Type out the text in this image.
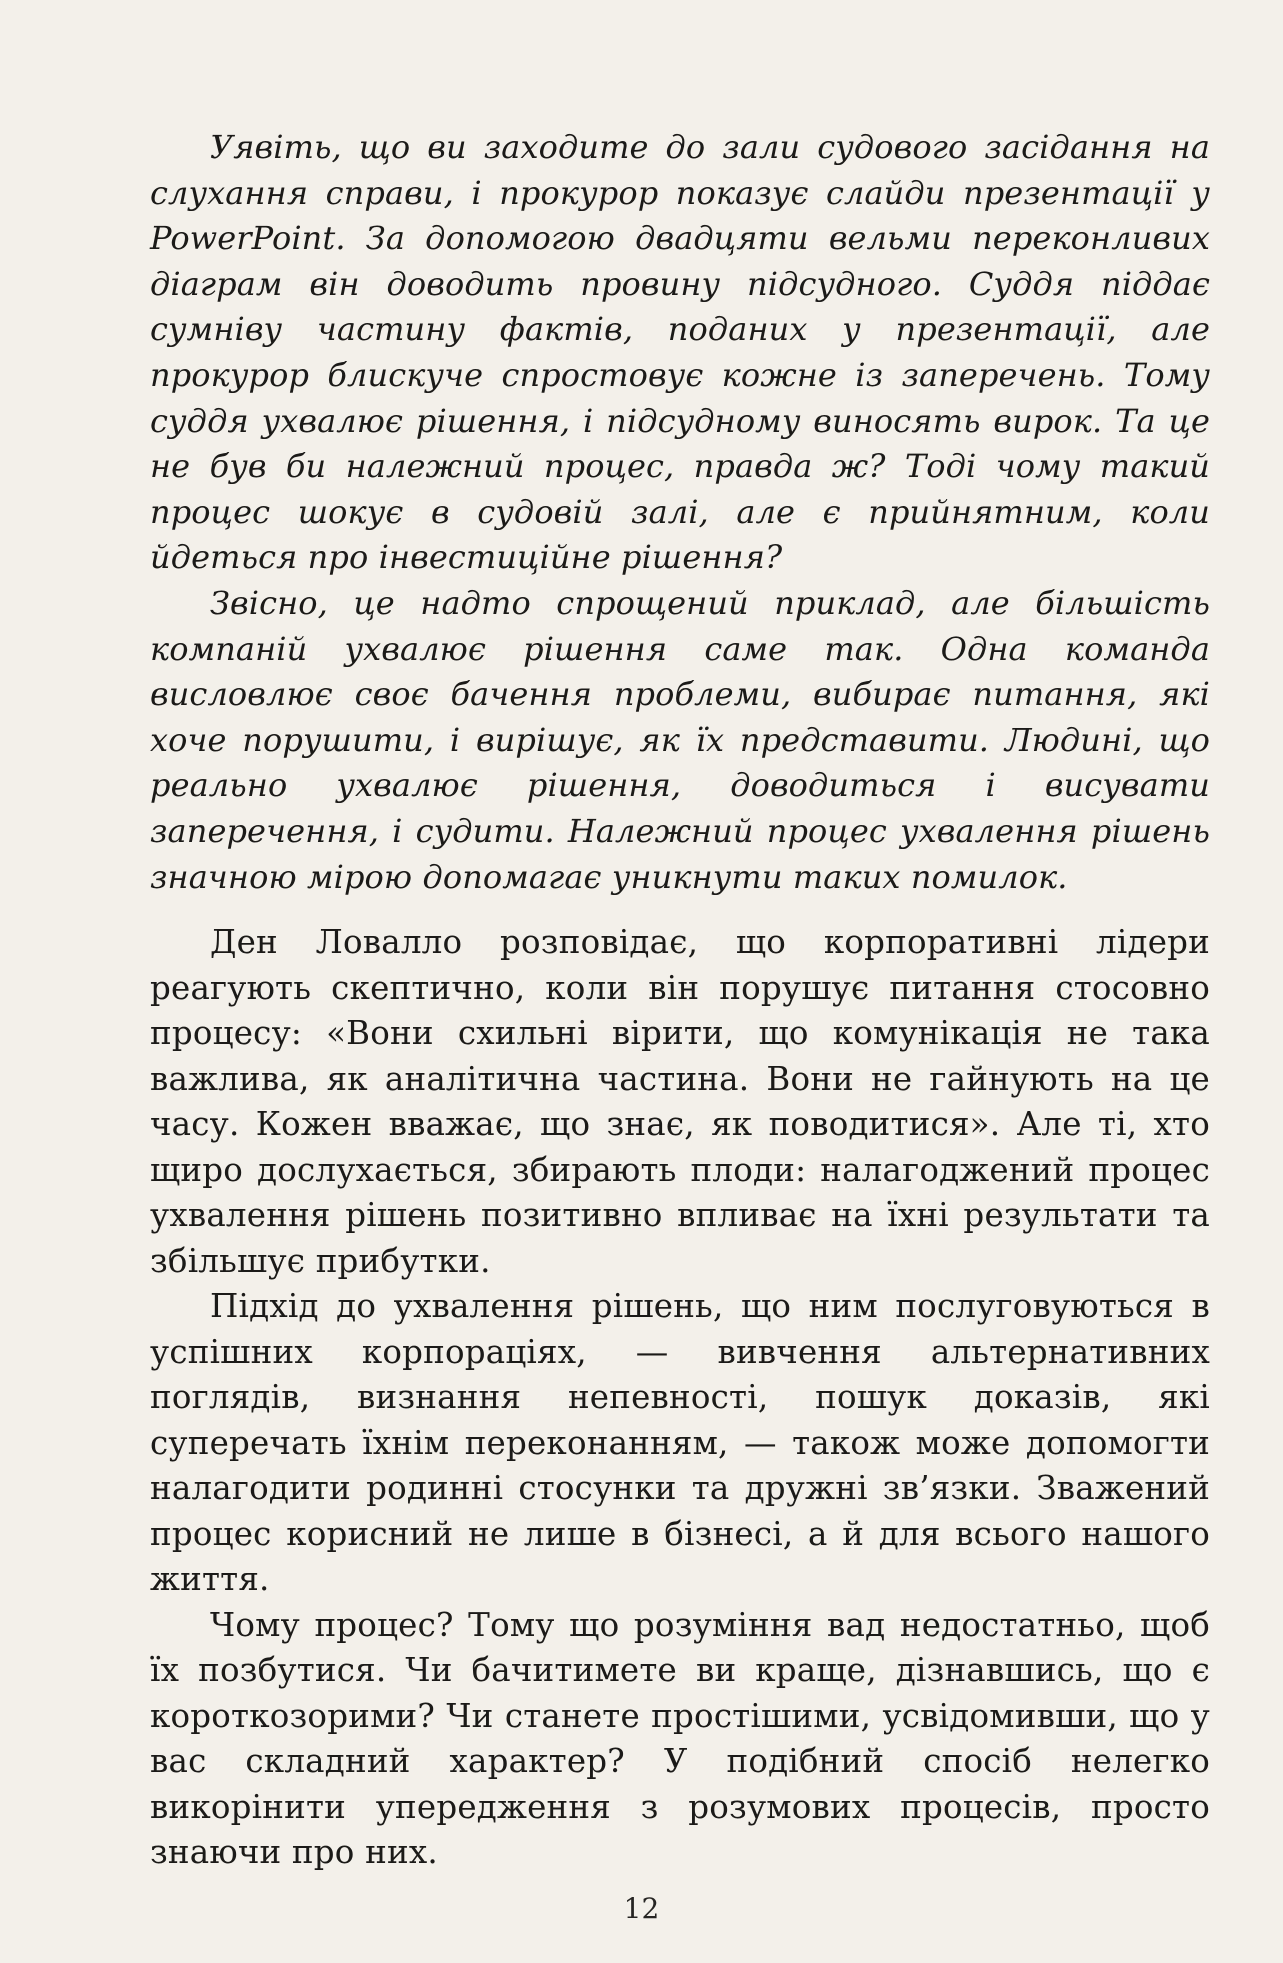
Уявіть, що ви заходите до зали судового засідання на слухання справи, і прокурор показує слайди презентації у PowerPoint. За допомогою двадцяти вельми переконливих діаграм він доводить провину підсудного. Суддя піддає сумніву частину фактів, поданих у презентації, але прокурор блискуче спростовує кожне із заперечень. Тому суддя ухвалює рішення, і підсудному виносять вирок. Та це не був би належний процес, правда ж? Тоді чому такий процес шокує в судовій залі, але є прийнятним, коли йдеться про інвестиційне рішення?

Звісно, це надто спрощений приклад, але більшість компаній ухвалює рішення саме так. Одна команда висловлює своє бачення проблеми, вибирає питання, які хоче порушити, і вирішує, як їх представити. Людині, що реально ухвалює рішення, доводиться і висувати заперечення, і судити. Належний процес ухвалення рішень значною мірою допомагає уникнути таких помилок.

Ден Ловалло розповідає, що корпоративні лідери реагують скептично, коли він порушує питання стосовно процесу: «Вони схильні вірити, що комунікація не така важлива, як аналітична частина. Вони не гайнують на це часу. Кожен вважає, що знає, як поводитися». Але ті, хто щиро дослухається, збирають плоди: налагоджений процес ухвалення рішень позитивно впливає на їхні результати та збільшує прибутки.

Підхід до ухвалення рішень, що ним послуговуються в успішних корпораціях, — вивчення альтернативних поглядів, визнання непевності, пошук доказів, які суперечать їхнім переконанням, — також може допомогти налагодити родинні стосунки та дружні зв’язки. Зважений процес корисний не лише в бізнесі, а й для всього нашого життя.

Чому процес? Тому що розуміння вад недостатньо, щоб їх позбутися. Чи бачитимете ви краще, дізнавшись, що є короткозорими? Чи станете простішими, усвідомивши, що у вас складний характер? У подібний спосіб нелегко викорінити упередження з розумових процесів, просто знаючи про них.

12
